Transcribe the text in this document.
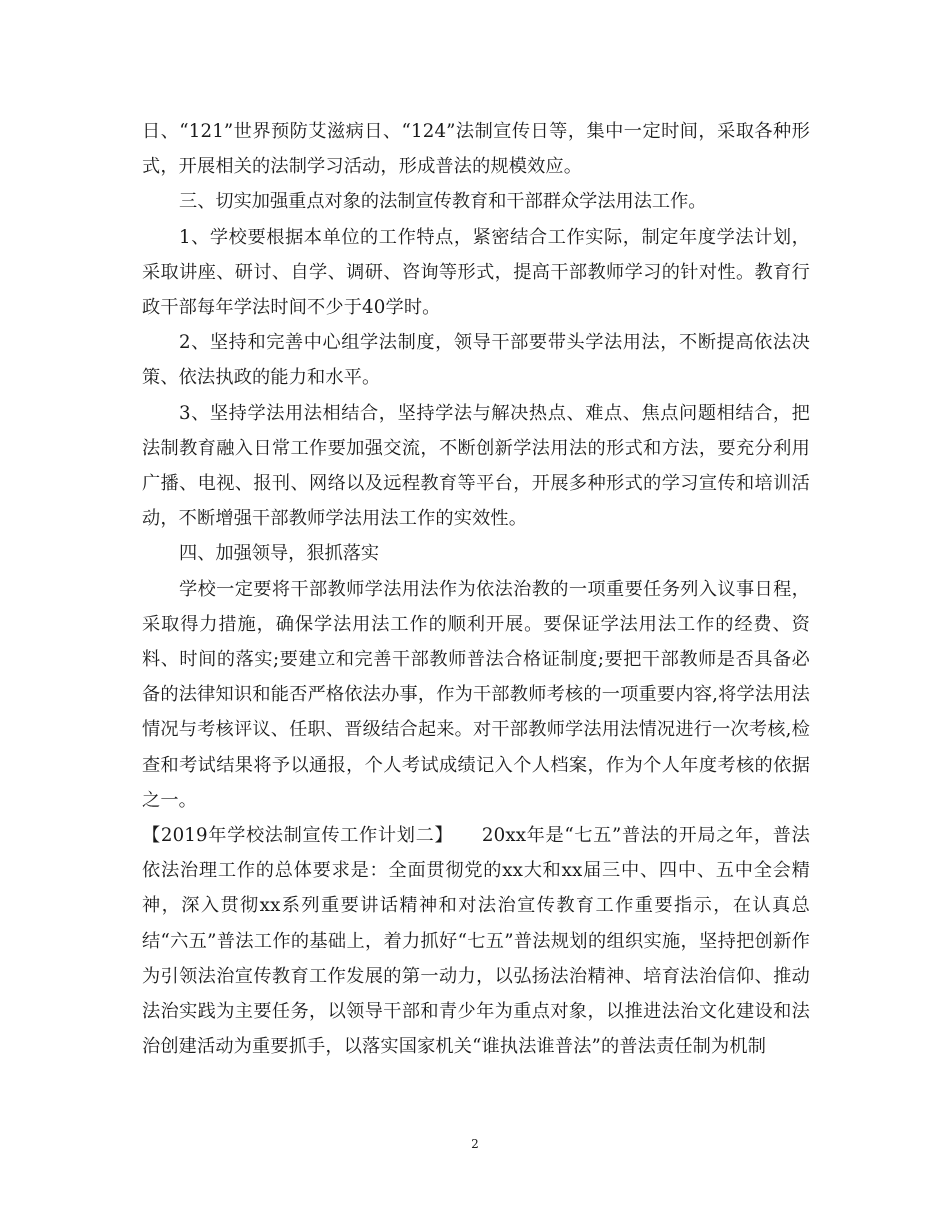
日、“121”世界预防艾滋病日、“124”法制宣传日等，集中一定时间，采取各种形式，开展相关的法制学习活动，形成普法的规模效应。

三、切实加强重点对象的法制宣传教育和干部群众学法用法工作。

1、学校要根据本单位的工作特点，紧密结合工作实际，制定年度学法计划，采取讲座、研讨、自学、调研、咨询等形式，提高干部教师学习的针对性。教育行政干部每年学法时间不少于40学时。

2、坚持和完善中心组学法制度，领导干部要带头学法用法，不断提高依法决策、依法执政的能力和水平。

3、坚持学法用法相结合，坚持学法与解决热点、难点、焦点问题相结合，把法制教育融入日常工作要加强交流，不断创新学法用法的形式和方法，要充分利用广播、电视、报刊、网络以及远程教育等平台，开展多种形式的学习宣传和培训活动，不断增强干部教师学法用法工作的实效性。

四、加强领导，狠抓落实

学校一定要将干部教师学法用法作为依法治教的一项重要任务列入议事日程，采取得力措施，确保学法用法工作的顺利开展。要保证学法用法工作的经费、资料、时间的落实;要建立和完善干部教师普法合格证制度;要把干部教师是否具备必备的法律知识和能否严格依法办事，作为干部教师考核的一项重要内容,将学法用法情况与考核评议、任职、晋级结合起来。对干部教师学法用法情况进行一次考核,检查和考试结果将予以通报，个人考试成绩记入个人档案，作为个人年度考核的依据之一。

【2019年学校法制宣传工作计划二】　　20xx年是“七五”普法的开局之年，普法依法治理工作的总体要求是：全面贯彻党的xx大和xx届三中、四中、五中全会精神，深入贯彻xx系列重要讲话精神和对法治宣传教育工作重要指示，在认真总结“六五”普法工作的基础上，着力抓好“七五”普法规划的组织实施，坚持把创新作为引领法治宣传教育工作发展的第一动力，以弘扬法治精神、培育法治信仰、推动法治实践为主要任务，以领导干部和青少年为重点对象，以推进法治文化建设和法治创建活动为重要抓手，以落实国家机关“谁执法谁普法”的普法责任制为机制

2
